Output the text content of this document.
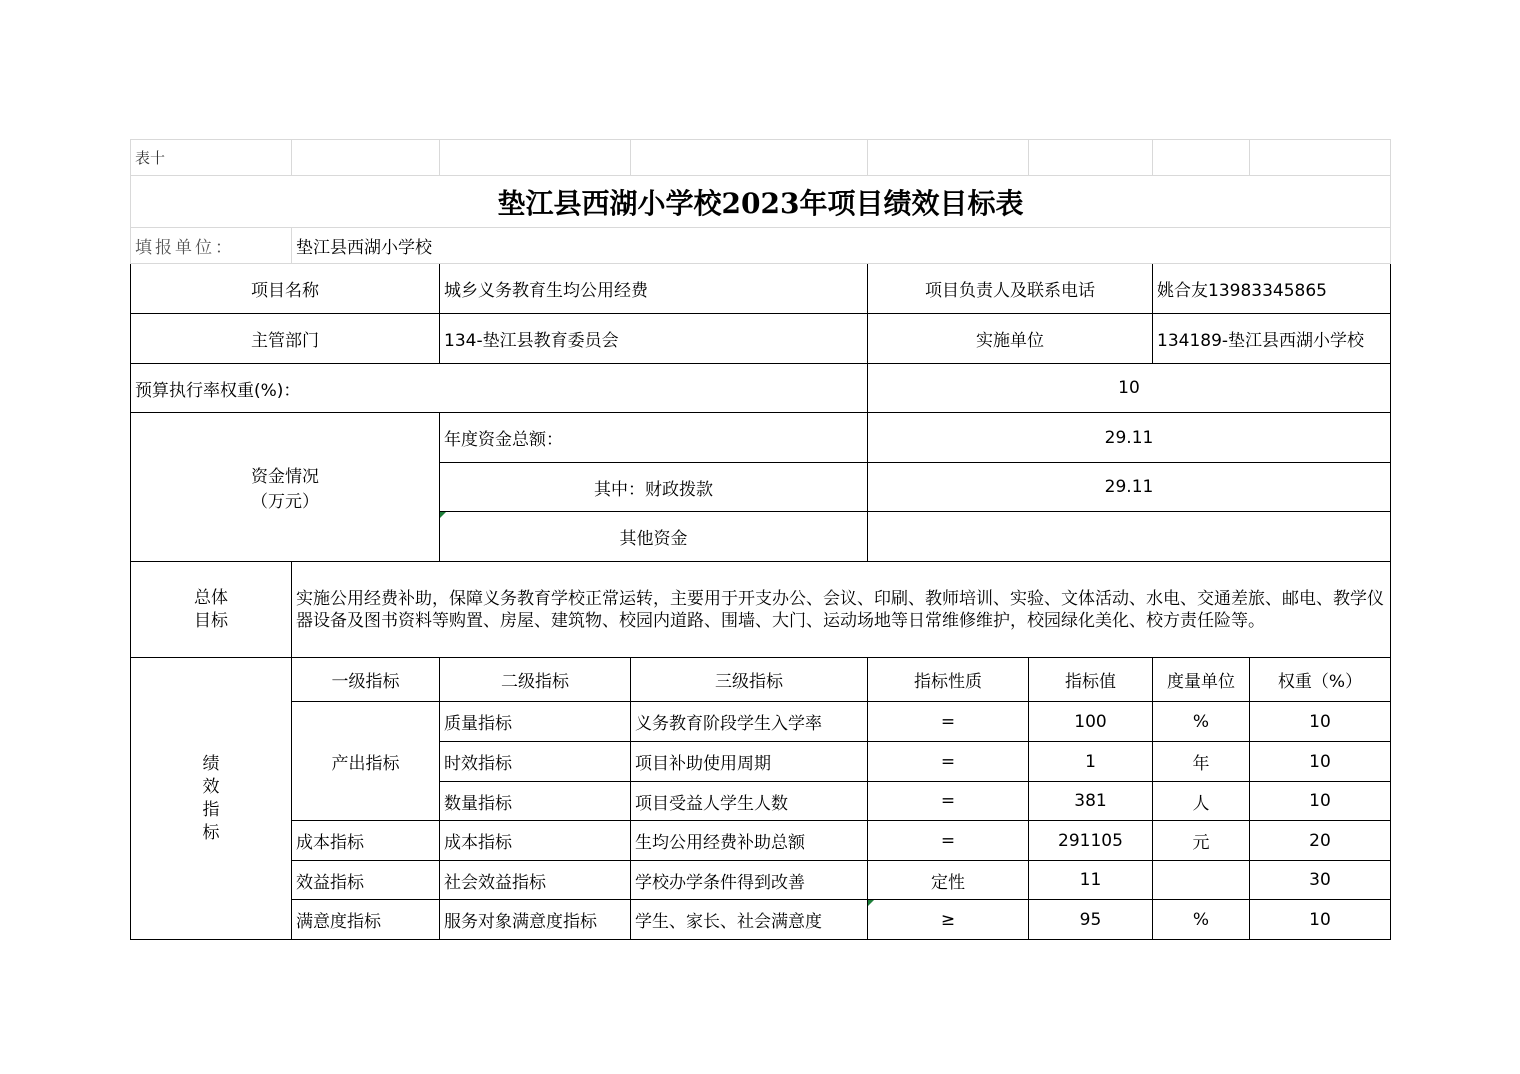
表十							
垫江县西湖小学校2023年项目绩效目标表							
填报单位：	垫江县西湖小学校						
项目名称		城乡义务教育生均公用经费		项目负责人及联系电话		姚合友13983345865	
主管部门		134-垫江县教育委员会		实施单位		134189-垫江县西湖小学校	
预算执行率权重(%)：				10			

资金情况
（万元）		年度资金总额：		29.11			
		其中：财政拨款		29.11			
		其他资金					

总体
目标	实施公用经费补助，保障义务教育学校正常运转，主要用于开支办公、会议、印刷、教师培训、实验、文体活动、水电、交通差旅、邮电、教学仪器设备及图书资料等购置、房屋、建筑物、校园内道路、围墙、大门、运动场地等日常维修维护，校园绿化美化、校方责任险等。						

绩
效
指
标	一级指标	二级指标	三级指标	指标性质	指标值	度量单位	权重（%）
	产出指标	质量指标	义务教育阶段学生入学率	=	100	%	10
		时效指标	项目补助使用周期	=	1	年	10
		数量指标	项目受益人学生人数	=	381	人	10
	成本指标	成本指标	生均公用经费补助总额	=	291105	元	20
	效益指标	社会效益指标	学校办学条件得到改善	定性	11		30
	满意度指标	服务对象满意度指标	学生、家长、社会满意度	≥	95	%	10
